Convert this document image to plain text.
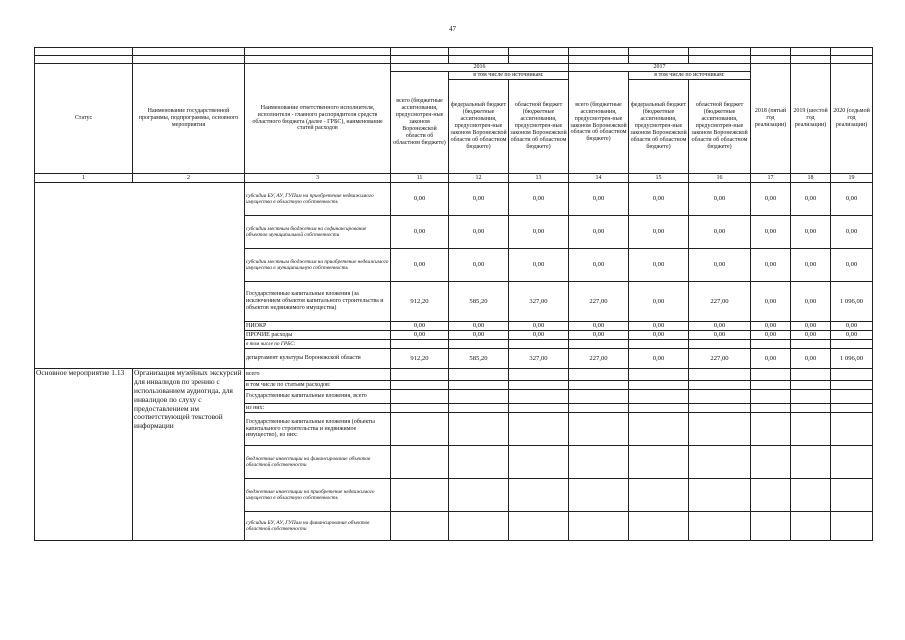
47

Статус	Наименование государственной программы, подпрограммы, основного мероприятия	Наименование ответственного исполнителя, исполнителя - главного распорядителя средств областного бюджета (далее - ГРБС), наименование статей расходов	2016			2017			2018 (пятый год реализации)	2019 (шестой год реализации)	2020 (седьмой год реализации)
			всего (бюджетные ассигнования, предусмотрен-ные законом Воронежской области об областном бюджете)	в том числе по источникам:		всего (бюджетные ассигнования, предусмотрен-ные законом Воронежской области об областном бюджете)	в том числе по источникам:				
				федеральный бюджет (бюджетные ассигнования, предусмотрен-ные законом Воронежской области об областном бюджете)	областной бюджет (бюджетные ассигнования, предусмотрен-ные законом Воронежской области об областном бюджете)		федеральный бюджет (бюджетные ассигнования, предусмотрен-ные законом Воронежской области об областном бюджете)	областной бюджет (бюджетные ассигнования, предусмотрен-ные законом Воронежской области об областном бюджете)			
1	2	3	11	12	13	14	15	16	17	18	19
		субсидии БУ, АУ, ГУПам на приобретение недвижимого имущества в областную собственность	0,00	0,00	0,00	0,00	0,00	0,00	0,00	0,00	0,00
		субсидии местным бюджетам на софинансирование объектов муниципальной собственности	0,00	0,00	0,00	0,00	0,00	0,00	0,00	0,00	0,00
		субсидии местным бюджетам на приобретение недвижимого имущества в муниципальную собственность	0,00	0,00	0,00	0,00	0,00	0,00	0,00	0,00	0,00
		Государственные капитальные вложения (за исключением объектов капитального строительства и объектов недвижимого имущества)	912,20	585,20	327,00	227,00	0,00	227,00	0,00	0,00	1 096,00
		НИОКР	0,00	0,00	0,00	0,00	0,00	0,00	0,00	0,00	0,00
		ПРОЧИЕ расходы	0,00	0,00	0,00	0,00	0,00	0,00	0,00	0,00	0,00
		в том числе по ГРБС:									
		департамент культуры Воронежской области	912,20	585,20	327,00	227,00	0,00	227,00	0,00	0,00	1 096,00
Основное мероприятие 1.13	Организация музейных экскурсий для инвалидов по зрению с использованием аудиогида, для инвалидов по слуху с предоставлением им соответствующей текстовой информации	всего									
		в том числе по статьям расходов:									
		Государственные капитальные вложения, всего									
		из них:									
		Государственные капитальные вложения (объекты капитального строительства и недвижимое имущество), из них:									
		бюджетные инвестиции на финансирование объектов областной собственности									
		бюджетные инвестиции на приобретение недвижимого имущества в областную собственность									
		субсидии БУ, АУ, ГУПам на финансирование объектов областной собственности									
